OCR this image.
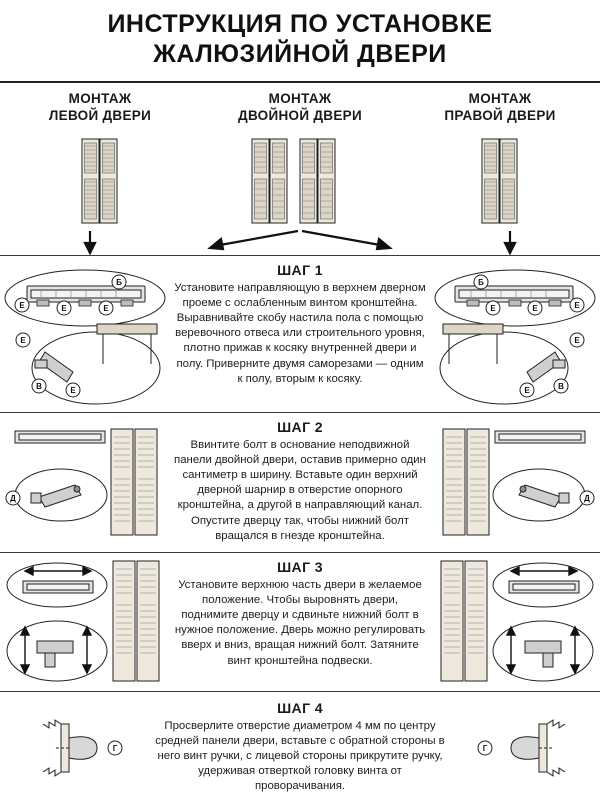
ИНСТРУКЦИЯ ПО УСТАНОВКЕ
ЖАЛЮЗИЙНОЙ ДВЕРИ
МОНТАЖ
ЛЕВОЙ ДВЕРИ
МОНТАЖ
ДВОЙНОЙ ДВЕРИ
МОНТАЖ
ПРАВОЙ ДВЕРИ
Б
Е	Е	Е
Е
В	Е
ШАГ 1
Установите направляющую в верхнем дверном проеме с ослабленным винтом кронштейна. Выравнивайте скобу настила пола с помощью веревочного отвеса или строительного уровня, плотно прижав к косяку внутренней двери и полу. Привepните двумя саморезами — одним к полу, вторым к косяку.
Б
Е
Е
Е
Е
В
Е
Д
ШАГ 2
Ввинтите болт в основание неподвижной панели двойной двери, оставив примерно один сантиметр в ширину. Вставьте один верхний дверной шарнир в отверстие опорного кронштейна, а другой в направляющий канал. Опустите дверцу так, чтобы нижний болт вращался в гнезде кронштейна.
Д
ШАГ 3
Установите верхнюю часть двери в желаемое положение. Чтобы выровнять двери, поднимите дверцу и сдвиньте нижний болт в нужное положение. Дверь можно регулировать вверх и вниз, вращая нижний болт. Затяните винт кронштейна подвески.
Г
ШАГ 4
Просверлите отверстие диаметром 4 мм по центру средней панели двери, вставьте с обратной стороны в него винт ручки, с лицевой стороны прикрутите ручку, удерживая отверткой головку винта от проворачивания.
Г
